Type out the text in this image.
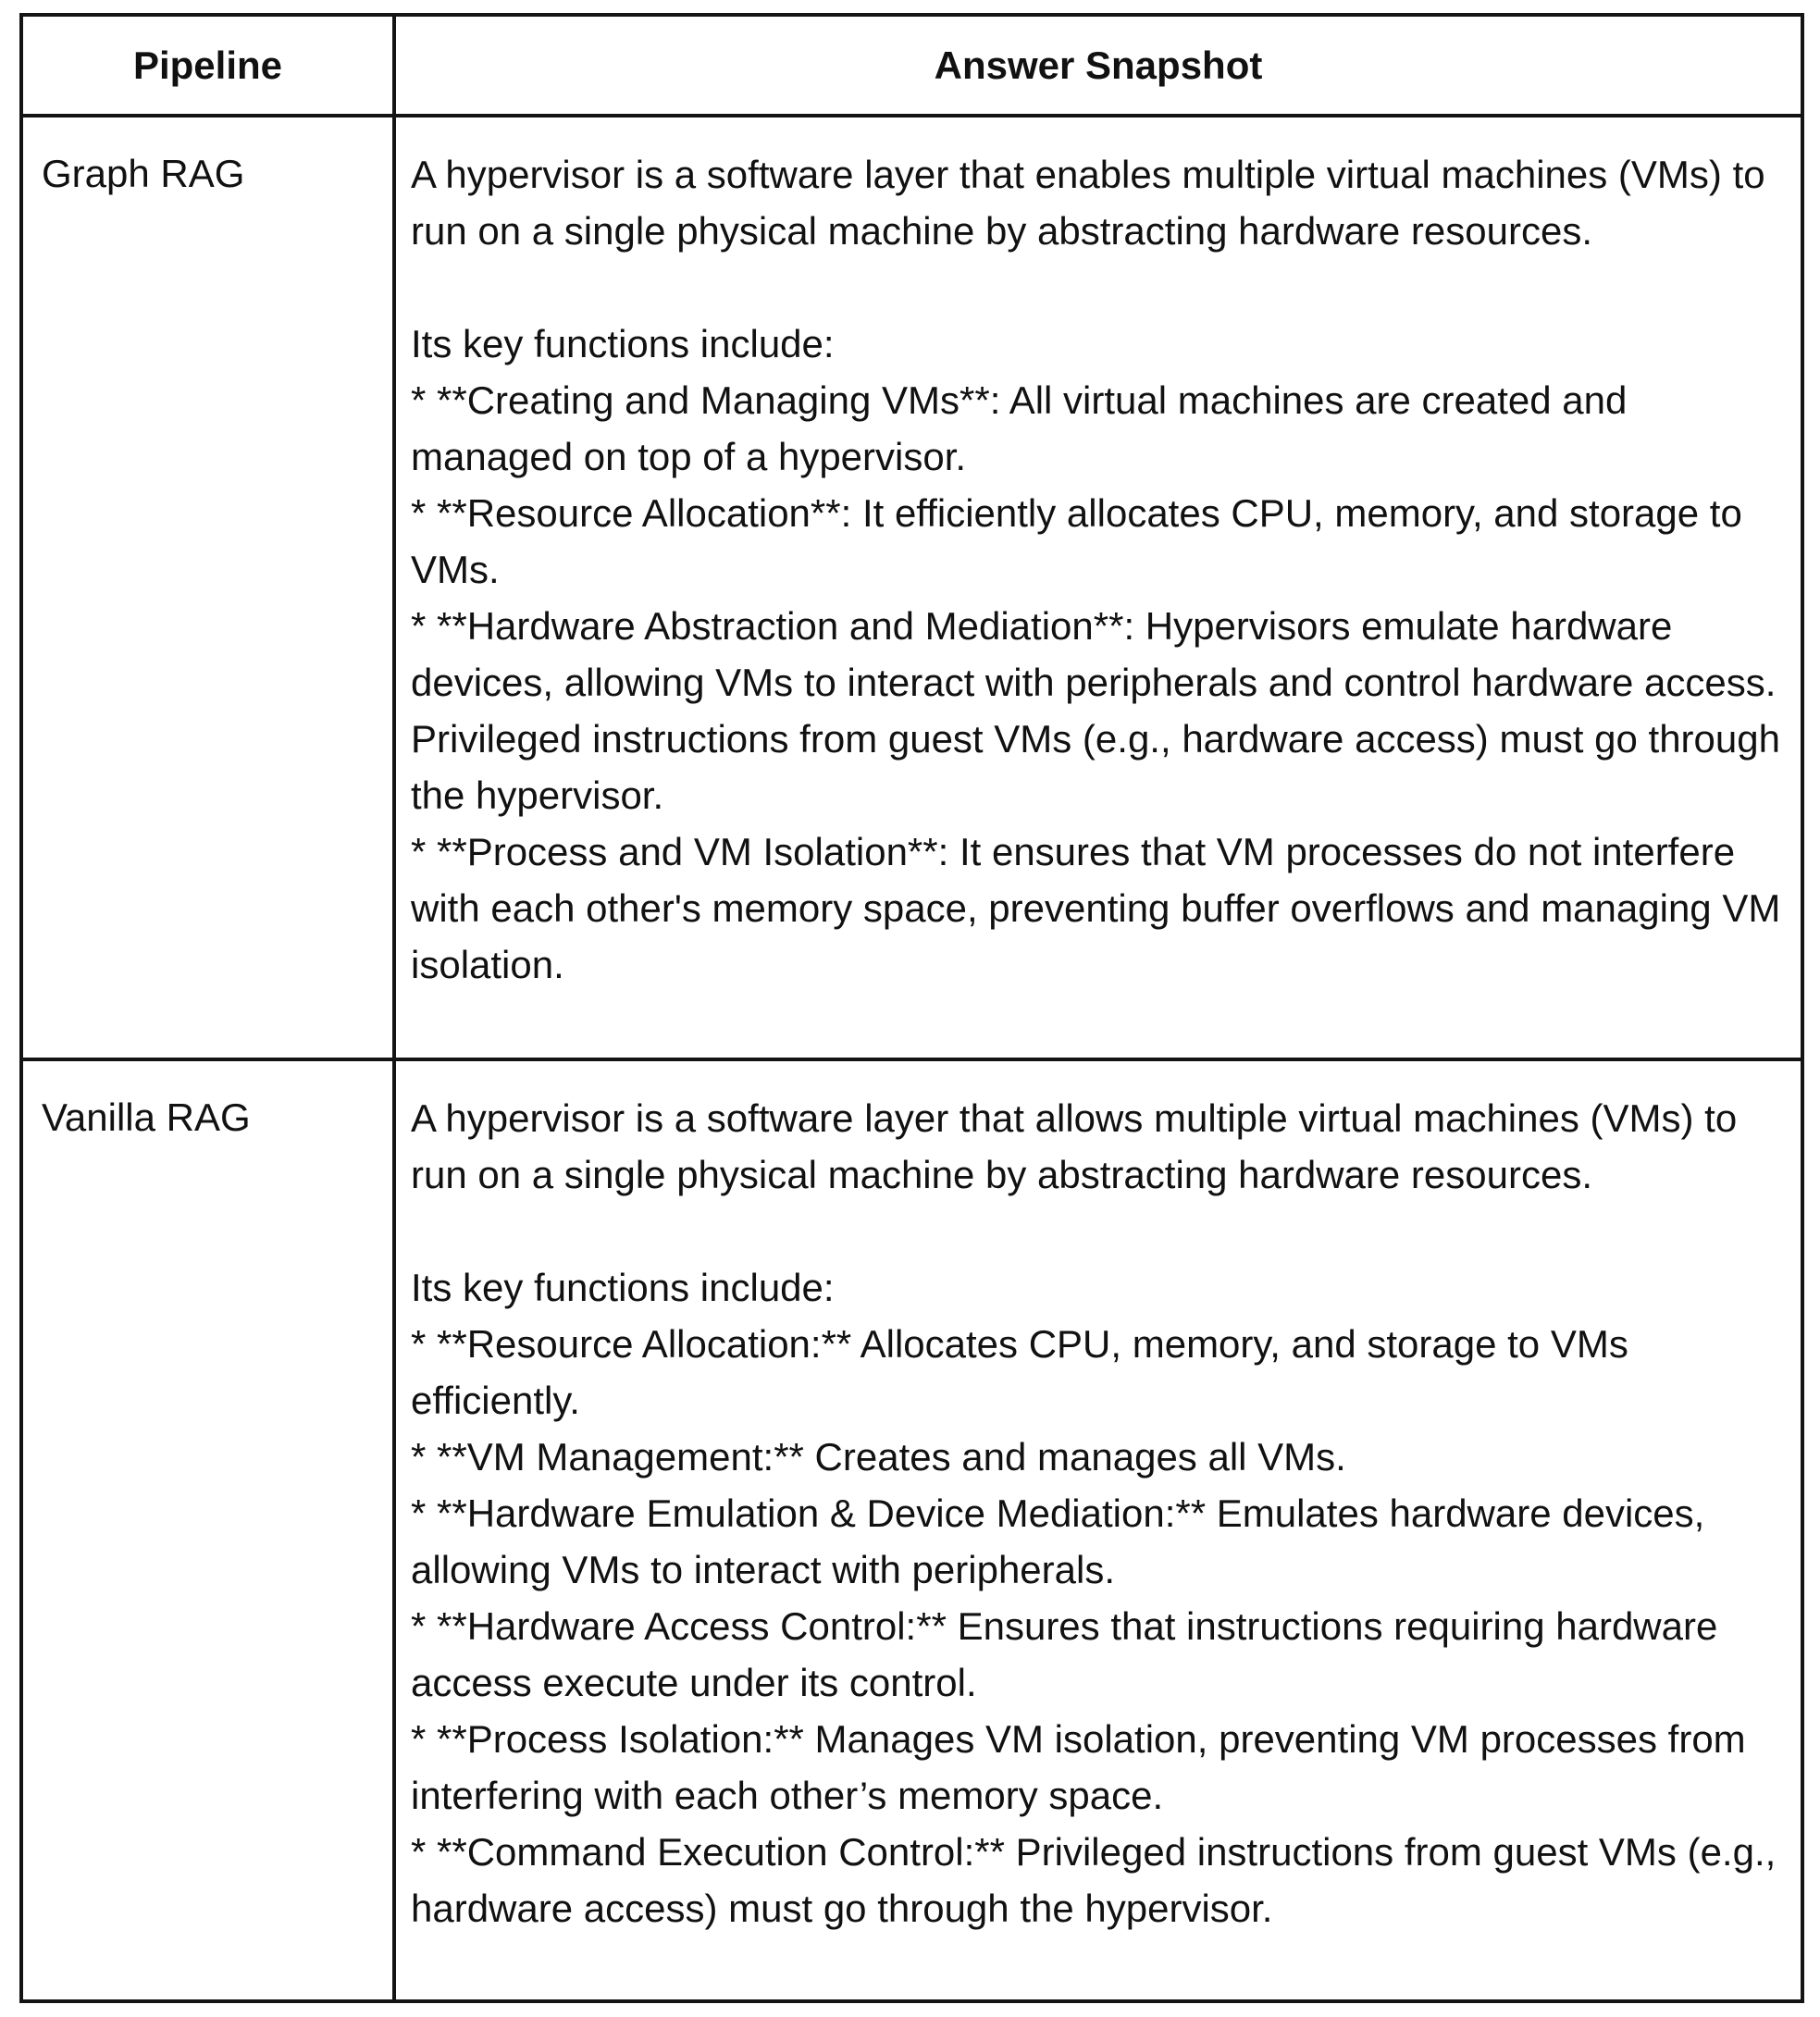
Pipeline	Answer Snapshot
Graph RAG	A hypervisor is a software layer that enables multiple virtual machines (VMs) to run on a single physical machine by abstracting hardware resources.

Its key functions include:

* **Creating and Managing VMs**: All virtual machines are created and managed on top of a hypervisor.

* **Resource Allocation**: It efficiently allocates CPU, memory, and storage to VMs.

* **Hardware Abstraction and Mediation**: Hypervisors emulate hardware devices, allowing VMs to interact with peripherals and control hardware access. Privileged instructions from guest VMs (e.g., hardware access) must go through the hypervisor.

* **Process and VM Isolation**: It ensures that VM processes do not interfere with each other's memory space, preventing buffer overflows and managing VM isolation.

Vanilla RAG	A hypervisor is a software layer that allows multiple virtual machines (VMs) to run on a single physical machine by abstracting hardware resources.

Its key functions include:

* **Resource Allocation:** Allocates CPU, memory, and storage to VMs efficiently.

* **VM Management:** Creates and manages all VMs.

* **Hardware Emulation & Device Mediation:** Emulates hardware devices, allowing VMs to interact with peripherals.

* **Hardware Access Control:** Ensures that instructions requiring hardware access execute under its control.

* **Process Isolation:** Manages VM isolation, preventing VM processes from interfering with each other’s memory space.

* **Command Execution Control:** Privileged instructions from guest VMs (e.g., hardware access) must go through the hypervisor.
